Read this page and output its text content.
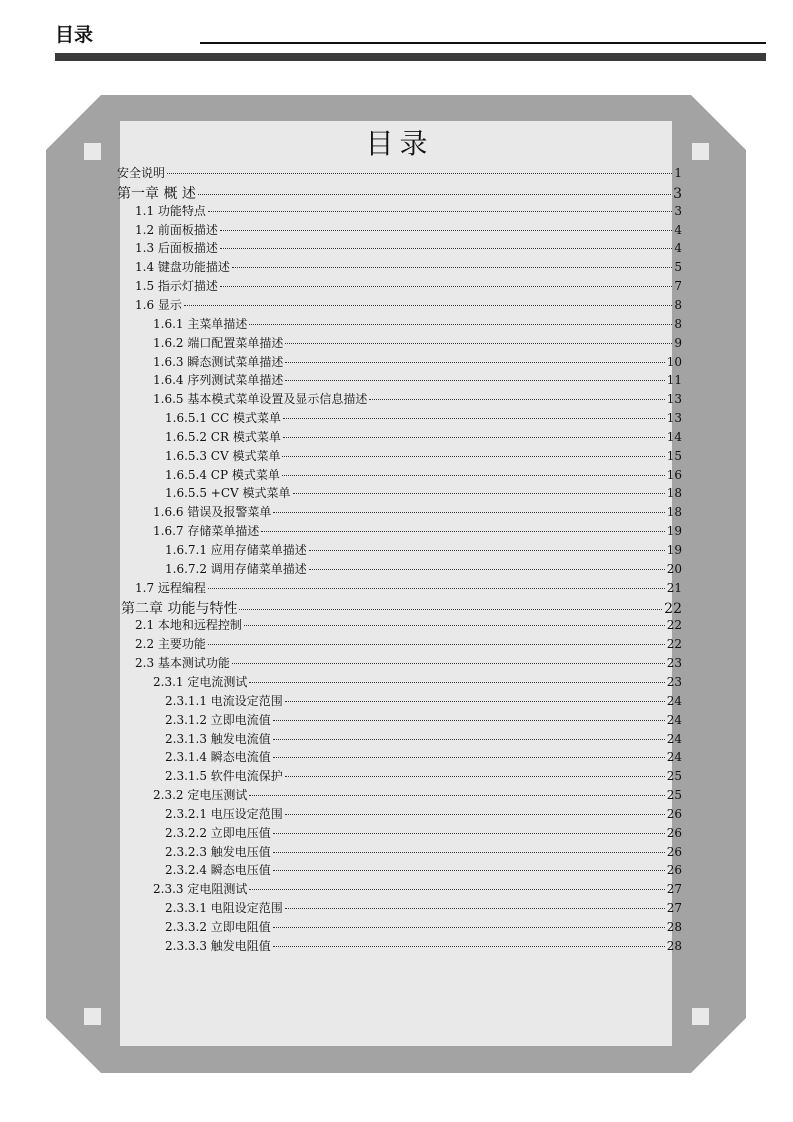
目录
目录
安全说明	1
第一章 概 述	3
1.1 功能特点	3
1.2 前面板描述	4
1.3 后面板描述	4
1.4 键盘功能描述	5
1.5 指示灯描述	7
1.6 显示	8
1.6.1 主菜单描述	8
1.6.2 端口配置菜单描述	9
1.6.3 瞬态测试菜单描述	10
1.6.4 序列测试菜单描述	11
1.6.5 基本模式菜单设置及显示信息描述	13
1.6.5.1 CC 模式菜单	13
1.6.5.2 CR 模式菜单	14
1.6.5.3 CV 模式菜单	15
1.6.5.4 CP 模式菜单	16
1.6.5.5 +CV 模式菜单	18
1.6.6 错误及报警菜单	18
1.6.7 存储菜单描述	19
1.6.7.1 应用存储菜单描述	19
1.6.7.2 调用存储菜单描述	20
1.7 远程编程	21
第二章 功能与特性	22
2.1 本地和远程控制	22
2.2 主要功能	22
2.3 基本测试功能	23
2.3.1 定电流测试	23
2.3.1.1 电流设定范围	24
2.3.1.2 立即电流值	24
2.3.1.3 触发电流值	24
2.3.1.4 瞬态电流值	24
2.3.1.5 软件电流保护	25
2.3.2 定电压测试	25
2.3.2.1 电压设定范围	26
2.3.2.2 立即电压值	26
2.3.2.3 触发电压值	26
2.3.2.4 瞬态电压值	26
2.3.3 定电阻测试	27
2.3.3.1 电阻设定范围	27
2.3.3.2 立即电阻值	28
2.3.3.3 触发电阻值	28
